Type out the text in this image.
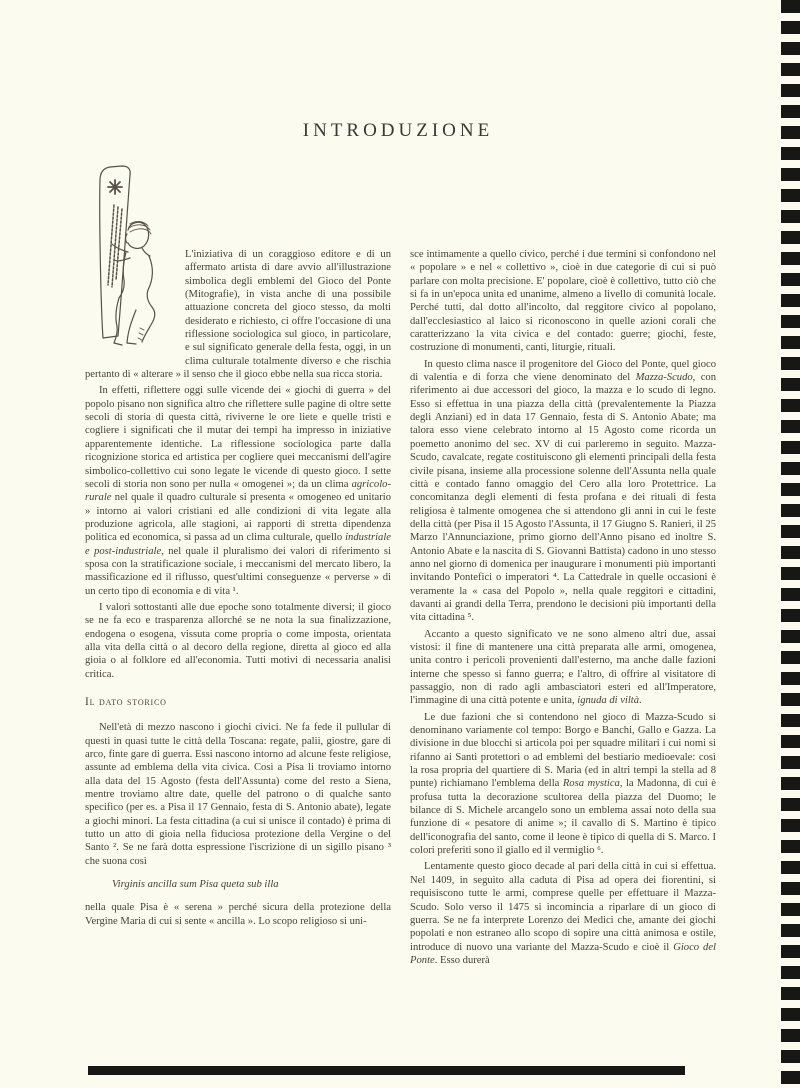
INTRODUZIONE

L'iniziativa di un coraggioso editore e di un affermato artista di dare avvio all'illustrazione simbolica degli emblemi del Gioco del Ponte (Mitografie), in vista anche di una possibile attuazione concreta del gioco stesso, da molti desiderato e richiesto, ci offre l'occasione di una riflessione sociologica sul gioco, in particolare, e sul significato generale della festa, oggi, in un clima culturale totalmente diverso e che rischia pertanto di « alterare » il senso che il gioco ebbe nella sua ricca storia.

In effetti, riflettere oggi sulle vicende dei « giochi di guerra » del popolo pisano non significa altro che riflettere sulle pagine di oltre sette secoli di storia di questa città, riviverne le ore liete e quelle tristi e cogliere i significati che il mutar dei tempi ha impresso in iniziative apparentemente identiche. La riflessione sociologica parte dalla ricognizione storica ed artistica per cogliere quei meccanismi dell'agire simbolico-collettivo cui sono legate le vicende di questo gioco. I sette secoli di storia non sono per nulla « omogenei »; da un clima agricolo-rurale nel quale il quadro culturale si presenta « omogeneo ed unitario » intorno ai valori cristiani ed alle condizioni di vita legate alla produzione agricola, alle stagioni, ai rapporti di stretta dipendenza politica ed economica, si passa ad un clima culturale, quello industriale e post-industriale, nel quale il pluralismo dei valori di riferimento si sposa con la stratificazione sociale, i meccanismi del mercato libero, la massificazione ed il riflusso, quest'ultimi conseguenze « perverse » di un certo tipo di economia e di vita ¹.

I valori sottostanti alle due epoche sono totalmente diversi; il gioco se ne fa eco e trasparenza allorché se ne nota la sua finalizzazione, endogena o esogena, vissuta come propria o come imposta, orientata alla vita della città o al decoro della regione, diretta al gioco ed alla gioia o al folklore ed all'economia. Tutti motivi di necessaria analisi critica.

Il dato storico

Nell'età di mezzo nascono i giochi civici. Ne fa fede il pullular di questi in quasi tutte le città della Toscana: regate, palii, giostre, gare di arco, finte gare di guerra. Essi nascono intorno ad alcune feste religiose, assunte ad emblema della vita civica. Così a Pisa li troviamo intorno alla data del 15 Agosto (festa dell'Assunta) come del resto a Siena, mentre troviamo altre date, quelle del patrono o di qualche santo specifico (per es. a Pisa il 17 Gennaio, festa di S. Antonio abate), legate a giochi minori. La festa cittadina (a cui si unisce il contado) è prima di tutto un atto di gioia nella fiduciosa protezione della Vergine o del Santo ². Se ne farà dotta espressione l'iscrizione di un sigillo pisano ³ che suona così

Virginis ancilla sum Pisa queta sub illa

nella quale Pisa è « serena » perché sicura della protezione della Vergine Maria di cui si sente « ancilla ». Lo scopo religioso si uni-

sce intimamente a quello civico, perché i due termini si confondono nel « popolare » e nel « collettivo », cioè in due categorie di cui si può parlare con molta precisione. E' popolare, cioè è collettivo, tutto ciò che si fa in un'epoca unita ed unanime, almeno a livello di comunità locale. Perché tutti, dal dotto all'incolto, dal reggitore civico al popolano, dall'ecclesiastico al laico si riconoscono in quelle azioni corali che caratterizzano la vita civica e del contado: guerre; giochi, feste, costruzione di monumenti, canti, liturgie, rituali.

In questo clima nasce il progenitore del Gioco del Ponte, quel gioco di valentia e di forza che viene denominato del Mazza-Scudo, con riferimento ai due accessori del gioco, la mazza e lo scudo di legno. Esso si effettua in una piazza della città (prevalentemente la Piazza degli Anziani) ed in data 17 Gennaio, festa di S. Antonio Abate; ma talora esso viene celebrato intorno al 15 Agosto come ricorda un poemetto anonimo del sec. XV di cui parleremo in seguito. Mazza-Scudo, cavalcate, regate costituiscono gli elementi principali della festa civile pisana, insieme alla processione solenne dell'Assunta nella quale città e contado fanno omaggio del Cero alla loro Protettrice. La concomitanza degli elementi di festa profana e dei rituali di festa religiosa è talmente omogenea che si attendono gli anni in cui le feste della città (per Pisa il 15 Agosto l'Assunta, il 17 Giugno S. Ranieri, il 25 Marzo l'Annunciazione, primo giorno dell'Anno pisano ed inoltre S. Antonio Abate e la nascita di S. Giovanni Battista) cadono in uno stesso anno nel giorno di domenica per inaugurare i monumenti più importanti invitando Pontefici o imperatori ⁴. La Cattedrale in quelle occasioni è veramente la « casa del Popolo », nella quale reggitori e cittadini, davanti ai grandi della Terra, prendono le decisioni più importanti della vita cittadina ⁵.

Accanto a questo significato ve ne sono almeno altri due, assai vistosi: il fine di mantenere una città preparata alle armi, omogenea, unita contro i pericoli provenienti dall'esterno, ma anche dalle fazioni interne che spesso si fanno guerra; e l'altro, di offrire al visitatore di passaggio, non di rado agli ambasciatori esteri ed all'Imperatore, l'immagine di una città potente e unita, ignuda di viltà.

Le due fazioni che si contendono nel gioco di Mazza-Scudo si denominano variamente col tempo: Borgo e Banchi, Gallo e Gazza. La divisione in due blocchi si articola poi per squadre militari i cui nomi si rifanno ai Santi protettori o ad emblemi del bestiario medioevale: così la rosa propria del quartiere di S. Maria (ed in altri tempi la stella ad 8 punte) richiamano l'emblema della Rosa mystica, la Madonna, di cui è profusa tutta la decorazione scultorea della piazza del Duomo; le bilance di S. Michele arcangelo sono un emblema assai noto della sua funzione di « pesatore di anime »; il cavallo di S. Martino è tipico dell'iconografia del santo, come il leone è tipico di quella di S. Marco. I colori preferiti sono il giallo ed il vermiglio ⁶.

Lentamente questo gioco decade al pari della città in cui si effettua. Nel 1409, in seguito alla caduta di Pisa ad opera dei fiorentini, si requisiscono tutte le armi, comprese quelle per effettuare il Mazza-Scudo. Solo verso il 1475 si incomincia a riparlare di un gioco di guerra. Se ne fa interprete Lorenzo dei Medici che, amante dei giochi popolati e non estraneo allo scopo di sopire una città animosa e ostile, introduce di nuovo una variante del Mazza-Scudo e cioè il Gioco del Ponte. Esso durerà
